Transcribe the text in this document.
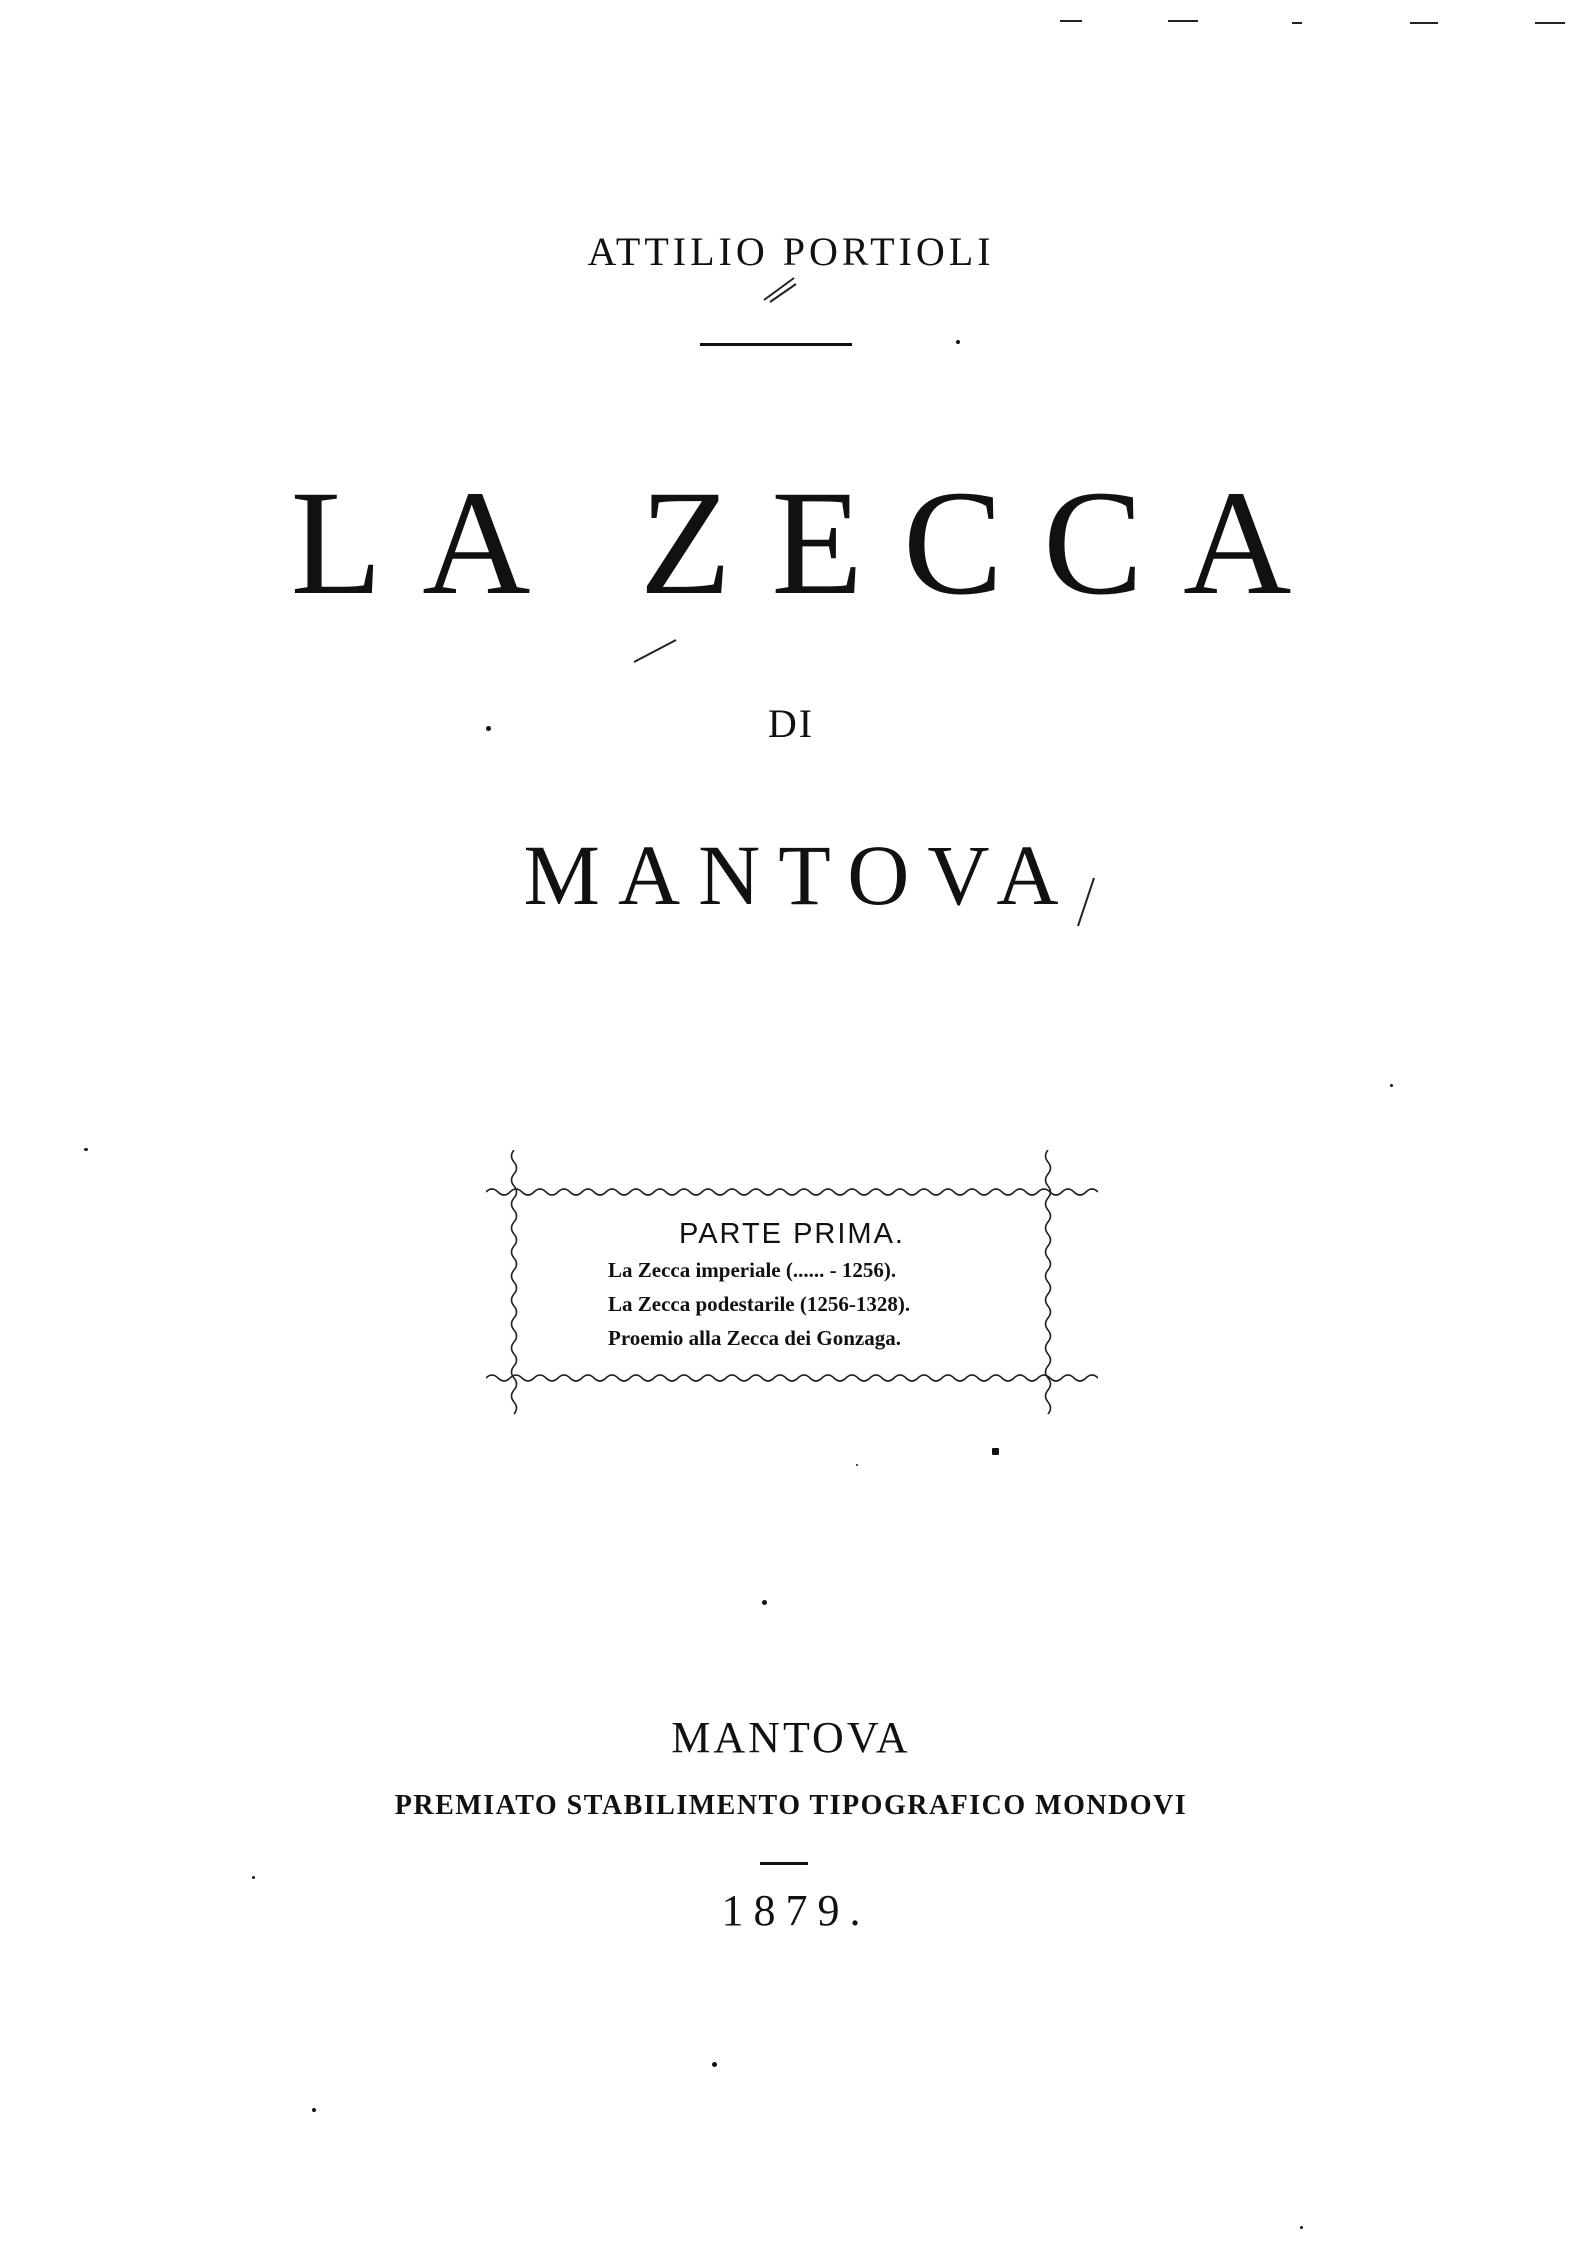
ATTILIO PORTIOLI
LA ZECCA
DI
MANTOVA
PARTE PRIMA.
La Zecca imperiale (...... - 1256).
La Zecca podestarile (1256-1328).
Proemio alla Zecca dei Gonzaga.
MANTOVA
PREMIATO STABILIMENTO TIPOGRAFICO MONDOVI
1879.
